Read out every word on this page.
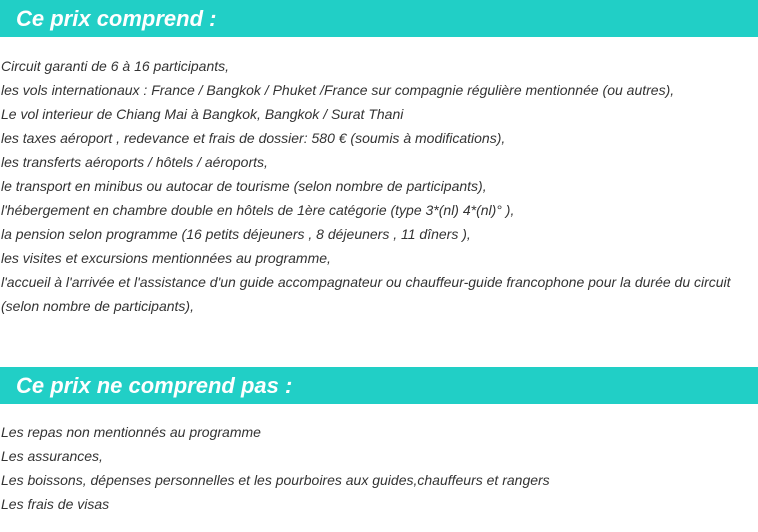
Ce prix comprend :
Circuit garanti de 6 à 16 participants,
les vols internationaux : France / Bangkok / Phuket /France sur compagnie régulière mentionnée (ou autres),
Le vol interieur de Chiang Mai à Bangkok, Bangkok / Surat Thani
les taxes aéroport , redevance et frais de dossier: 580 € (soumis à modifications),
les transferts aéroports / hôtels / aéroports,
le transport en minibus ou autocar de tourisme (selon nombre de participants),
l'hébergement en chambre double en hôtels de 1ère catégorie (type 3*(nl) 4*(nl)° ),
la pension selon programme (16 petits déjeuners , 8 déjeuners , 11 dîners ),
les visites et excursions mentionnées au programme,
l'accueil à l'arrivée et l'assistance d'un guide accompagnateur ou chauffeur-guide francophone pour la durée du circuit (selon nombre de participants),
Ce prix ne comprend pas :
Les repas non mentionnés au programme
Les assurances,
Les boissons, dépenses personnelles et les pourboires aux guides,chauffeurs et rangers
Les frais de visas
